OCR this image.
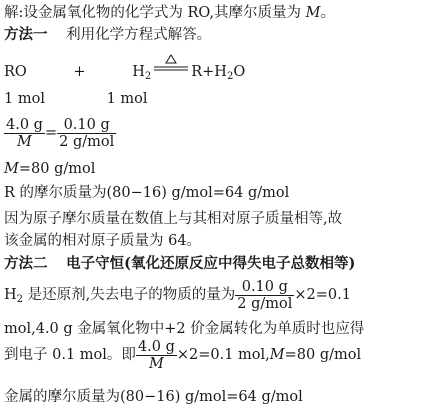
解:设金属氧化物的化学式为 RO,其摩尔质量为 M。
方法一 利用化学方程式解答。
RO	+	$H_2\rightleftharpoons R+H_2O$
1 mol	1 mol
$\frac{4.0 g}{M} = \frac{0.10 g}{\text{2 g/mol}}$
M=80 g/mol
R 的摩尔质量为(80−16) g/mol=64 g/mol
因为原子摩尔质量在数值上与其相对原子质量相等,故
该金属的相对原子质量为 64。
方法二 电子守恒(氧化还原反应中得失电子总数相等)
$H_2$ 是还原剂,失去电子的物质的量为 $\frac{0.10 g}{\text{2 g/mol}} \times 2=0.1$
mol,4.0 g 金属氧化物中+2 价金属转化为单质时也应得
到电子 0.1 mol。即 $\frac{4.0 g}{M} \times 2=0.1$ mol,M=80 g/mol
金属的摩尔质量为(80−16) g/mol=64 g/mol
